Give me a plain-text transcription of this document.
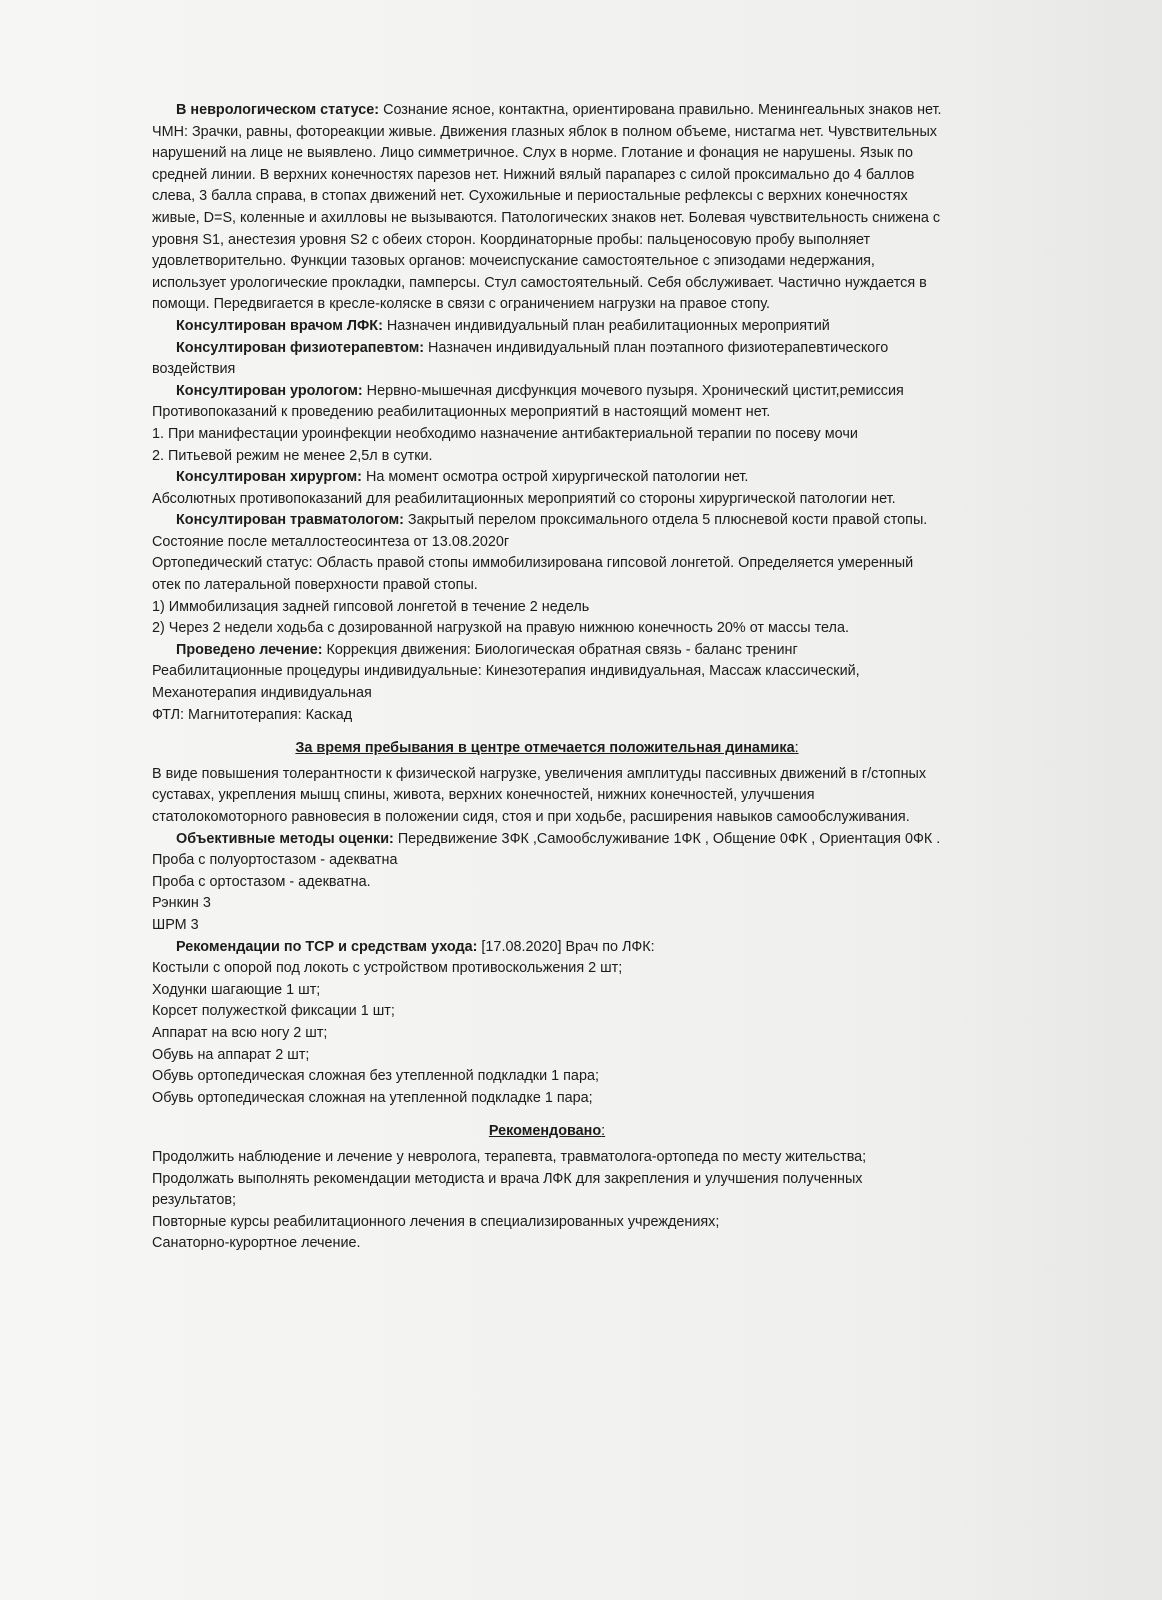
В неврологическом статусе: Сознание ясное, контактна, ориентирована правильно. Менингеальных знаков нет. ЧМН: Зрачки, равны, фотореакции живые. Движения глазных яблок в полном объеме, нистагма нет. Чувствительных нарушений на лице не выявлено. Лицо симметричное. Слух в норме. Глотание и фонация не нарушены. Язык по средней линии. В верхних конечностях парезов нет. Нижний вялый парапарез с силой проксимально до 4 баллов слева, 3 балла справа, в стопах движений нет. Сухожильные и периостальные рефлексы с верхних конечностях живые, D=S, коленные и ахилловы не вызываются. Патологических знаков нет. Болевая чувствительность снижена с уровня S1, анестезия уровня S2 с обеих сторон. Координаторные пробы: пальценосовую пробу выполняет удовлетворительно. Функции тазовых органов: мочеиспускание самостоятельное с эпизодами недержания, использует урологические прокладки, памперсы. Стул самостоятельный. Себя обслуживает. Частично нуждается в помощи. Передвигается в кресле-коляске в связи с ограничением нагрузки на правое стопу.

Консултирован врачом ЛФК: Назначен индивидуальный план реабилитационных мероприятий

Консултирован физиотерапевтом: Назначен индивидуальный план поэтапного физиотерапевтического воздействия

Консултирован урологом: Нервно-мышечная дисфункция мочевого пузыря. Хронический цистит,ремиссия

Противопоказаний к проведению реабилитационных мероприятий в настоящий момент нет.

1. При манифестации уроинфекции необходимо назначение антибактериальной терапии по посеву мочи

2. Питьевой режим не менее 2,5л в сутки.

Консултирован хирургом: На момент осмотра острой хирургической патологии нет.

Абсолютных противопоказаний для реабилитационных мероприятий со стороны хирургической патологии нет.

Консултирован травматологом: Закрытый перелом проксимального отдела 5 плюсневой кости правой стопы. Состояние после металлостеосинтеза от 13.08.2020г

Ортопедический статус: Область правой стопы иммобилизирована гипсовой лонгетой. Определяется умеренный отек по латеральной поверхности правой стопы.

1) Иммобилизация задней гипсовой лонгетой в течение 2 недель

2) Через 2 недели ходьба с дозированной нагрузкой на правую нижнюю конечность 20% от массы тела.

Проведено лечение: Коррекция движения: Биологическая обратная связь - баланс тренинг

Реабилитационные процедуры индивидуальные: Кинезотерапия индивидуальная, Массаж классический, Механотерапия индивидуальная

ФТЛ: Магнитотерапия: Каскад

За время пребывания в центре отмечается положительная динамика:

В виде повышения толерантности к физической нагрузке, увеличения амплитуды пассивных движений в г/стопных суставах, укрепления мышц спины, живота, верхних конечностей, нижних конечностей, улучшения статолокомоторного равновесия в положении сидя, стоя и при ходьбе, расширения навыков самообслуживания.

Объективные методы оценки: Передвижение 3ФК ,Самообслуживание 1ФК , Общение 0ФК , Ориентация 0ФК .

Проба с полуортостазом - адекватна

Проба с ортостазом - адекватна.

Рэнкин 3

ШРМ 3

Рекомендации по ТСР и средствам ухода: [17.08.2020] Врач по ЛФК:

Костыли с опорой под локоть с устройством противоскольжения 2 шт;

Ходунки шагающие 1 шт;

Корсет полужесткой фиксации 1 шт;

Аппарат на всю ногу 2 шт;

Обувь на аппарат 2 шт;

Обувь ортопедическая сложная без утепленной подкладки 1 пара;

Обувь ортопедическая сложная на утепленной подкладке 1 пара;

Рекомендовано:

Продолжить наблюдение и лечение у невролога, терапевта, травматолога-ортопеда по месту жительства;

Продолжать выполнять рекомендации методиста и врача ЛФК для закрепления и улучшения полученных результатов;

Повторные курсы реабилитационного лечения в специализированных учреждениях;

Санаторно-курортное лечение.
